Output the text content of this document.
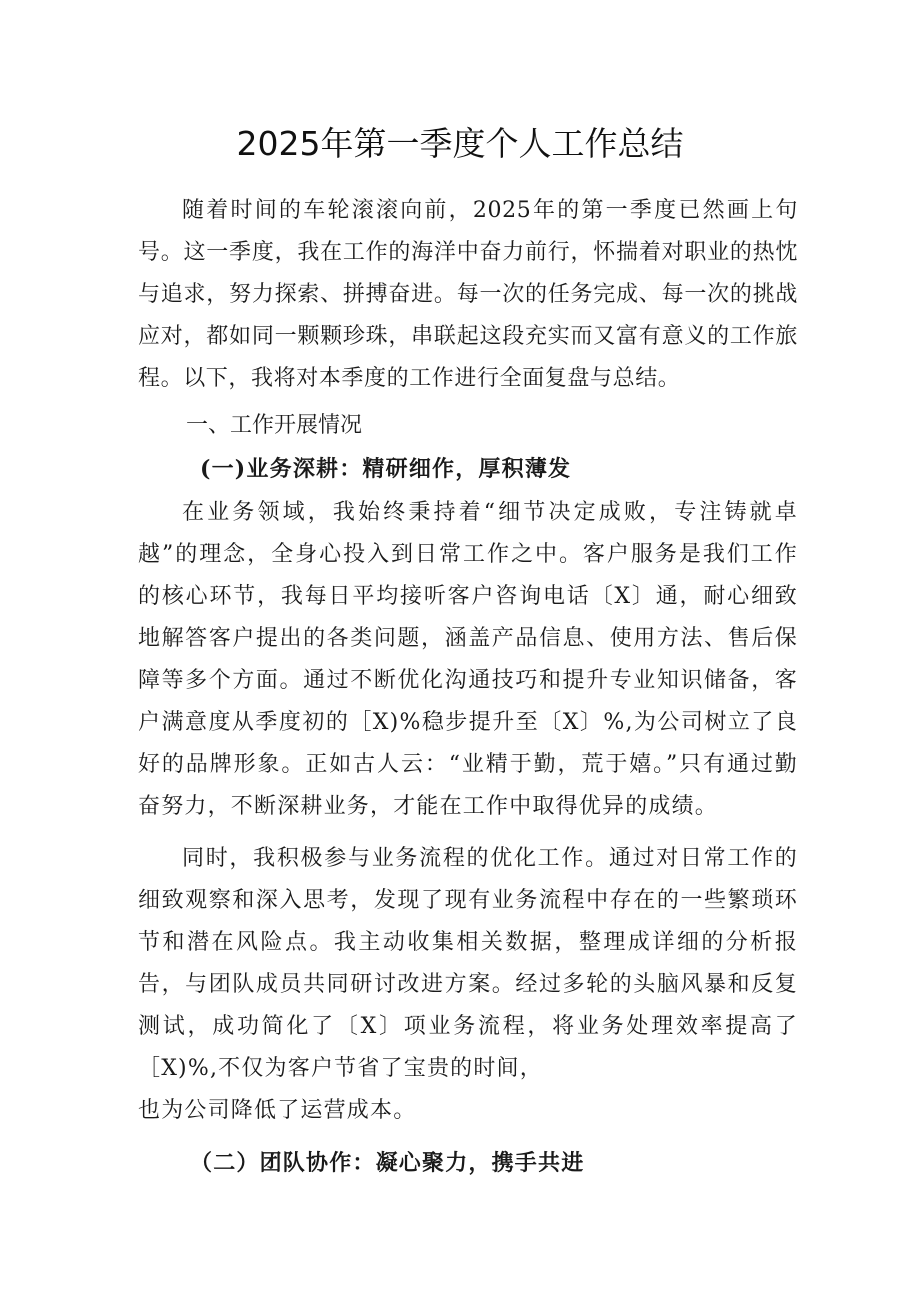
2025年第一季度个人工作总结

随着时间的车轮滚滚向前，2025年的第一季度已然画上句号。这一季度，我在工作的海洋中奋力前行，怀揣着对职业的热忱与追求，努力探索、拼搏奋进。每一次的任务完成、每一次的挑战应对，都如同一颗颗珍珠，串联起这段充实而又富有意义的工作旅程。以下，我将对本季度的工作进行全面复盘与总结。

一、工作开展情况
(一)业务深耕：精研细作，厚积薄发

在业务领域，我始终秉持着“细节决定成败，专注铸就卓越”的理念，全身心投入到日常工作之中。客户服务是我们工作的核心环节，我每日平均接听客户咨询电话〔X〕通，耐心细致地解答客户提出的各类问题，涵盖产品信息、使用方法、售后保障等多个方面。通过不断优化沟通技巧和提升专业知识储备，客户满意度从季度初的［X)%稳步提升至〔X〕%,为公司树立了良好的品牌形象。正如古人云：“业精于勤，荒于嬉。”只有通过勤奋努力，不断深耕业务，才能在工作中取得优异的成绩。

同时，我积极参与业务流程的优化工作。通过对日常工作的细致观察和深入思考，发现了现有业务流程中存在的一些繁琐环节和潜在风险点。我主动收集相关数据，整理成详细的分析报告，与团队成员共同研讨改进方案。经过多轮的头脑风暴和反复测试，成功简化了〔X〕项业务流程，将业务处理效率提高了［X)%,不仅为客户节省了宝贵的时间，

也为公司降低了运营成本。

（二）团队协作：凝心聚力，携手共进
